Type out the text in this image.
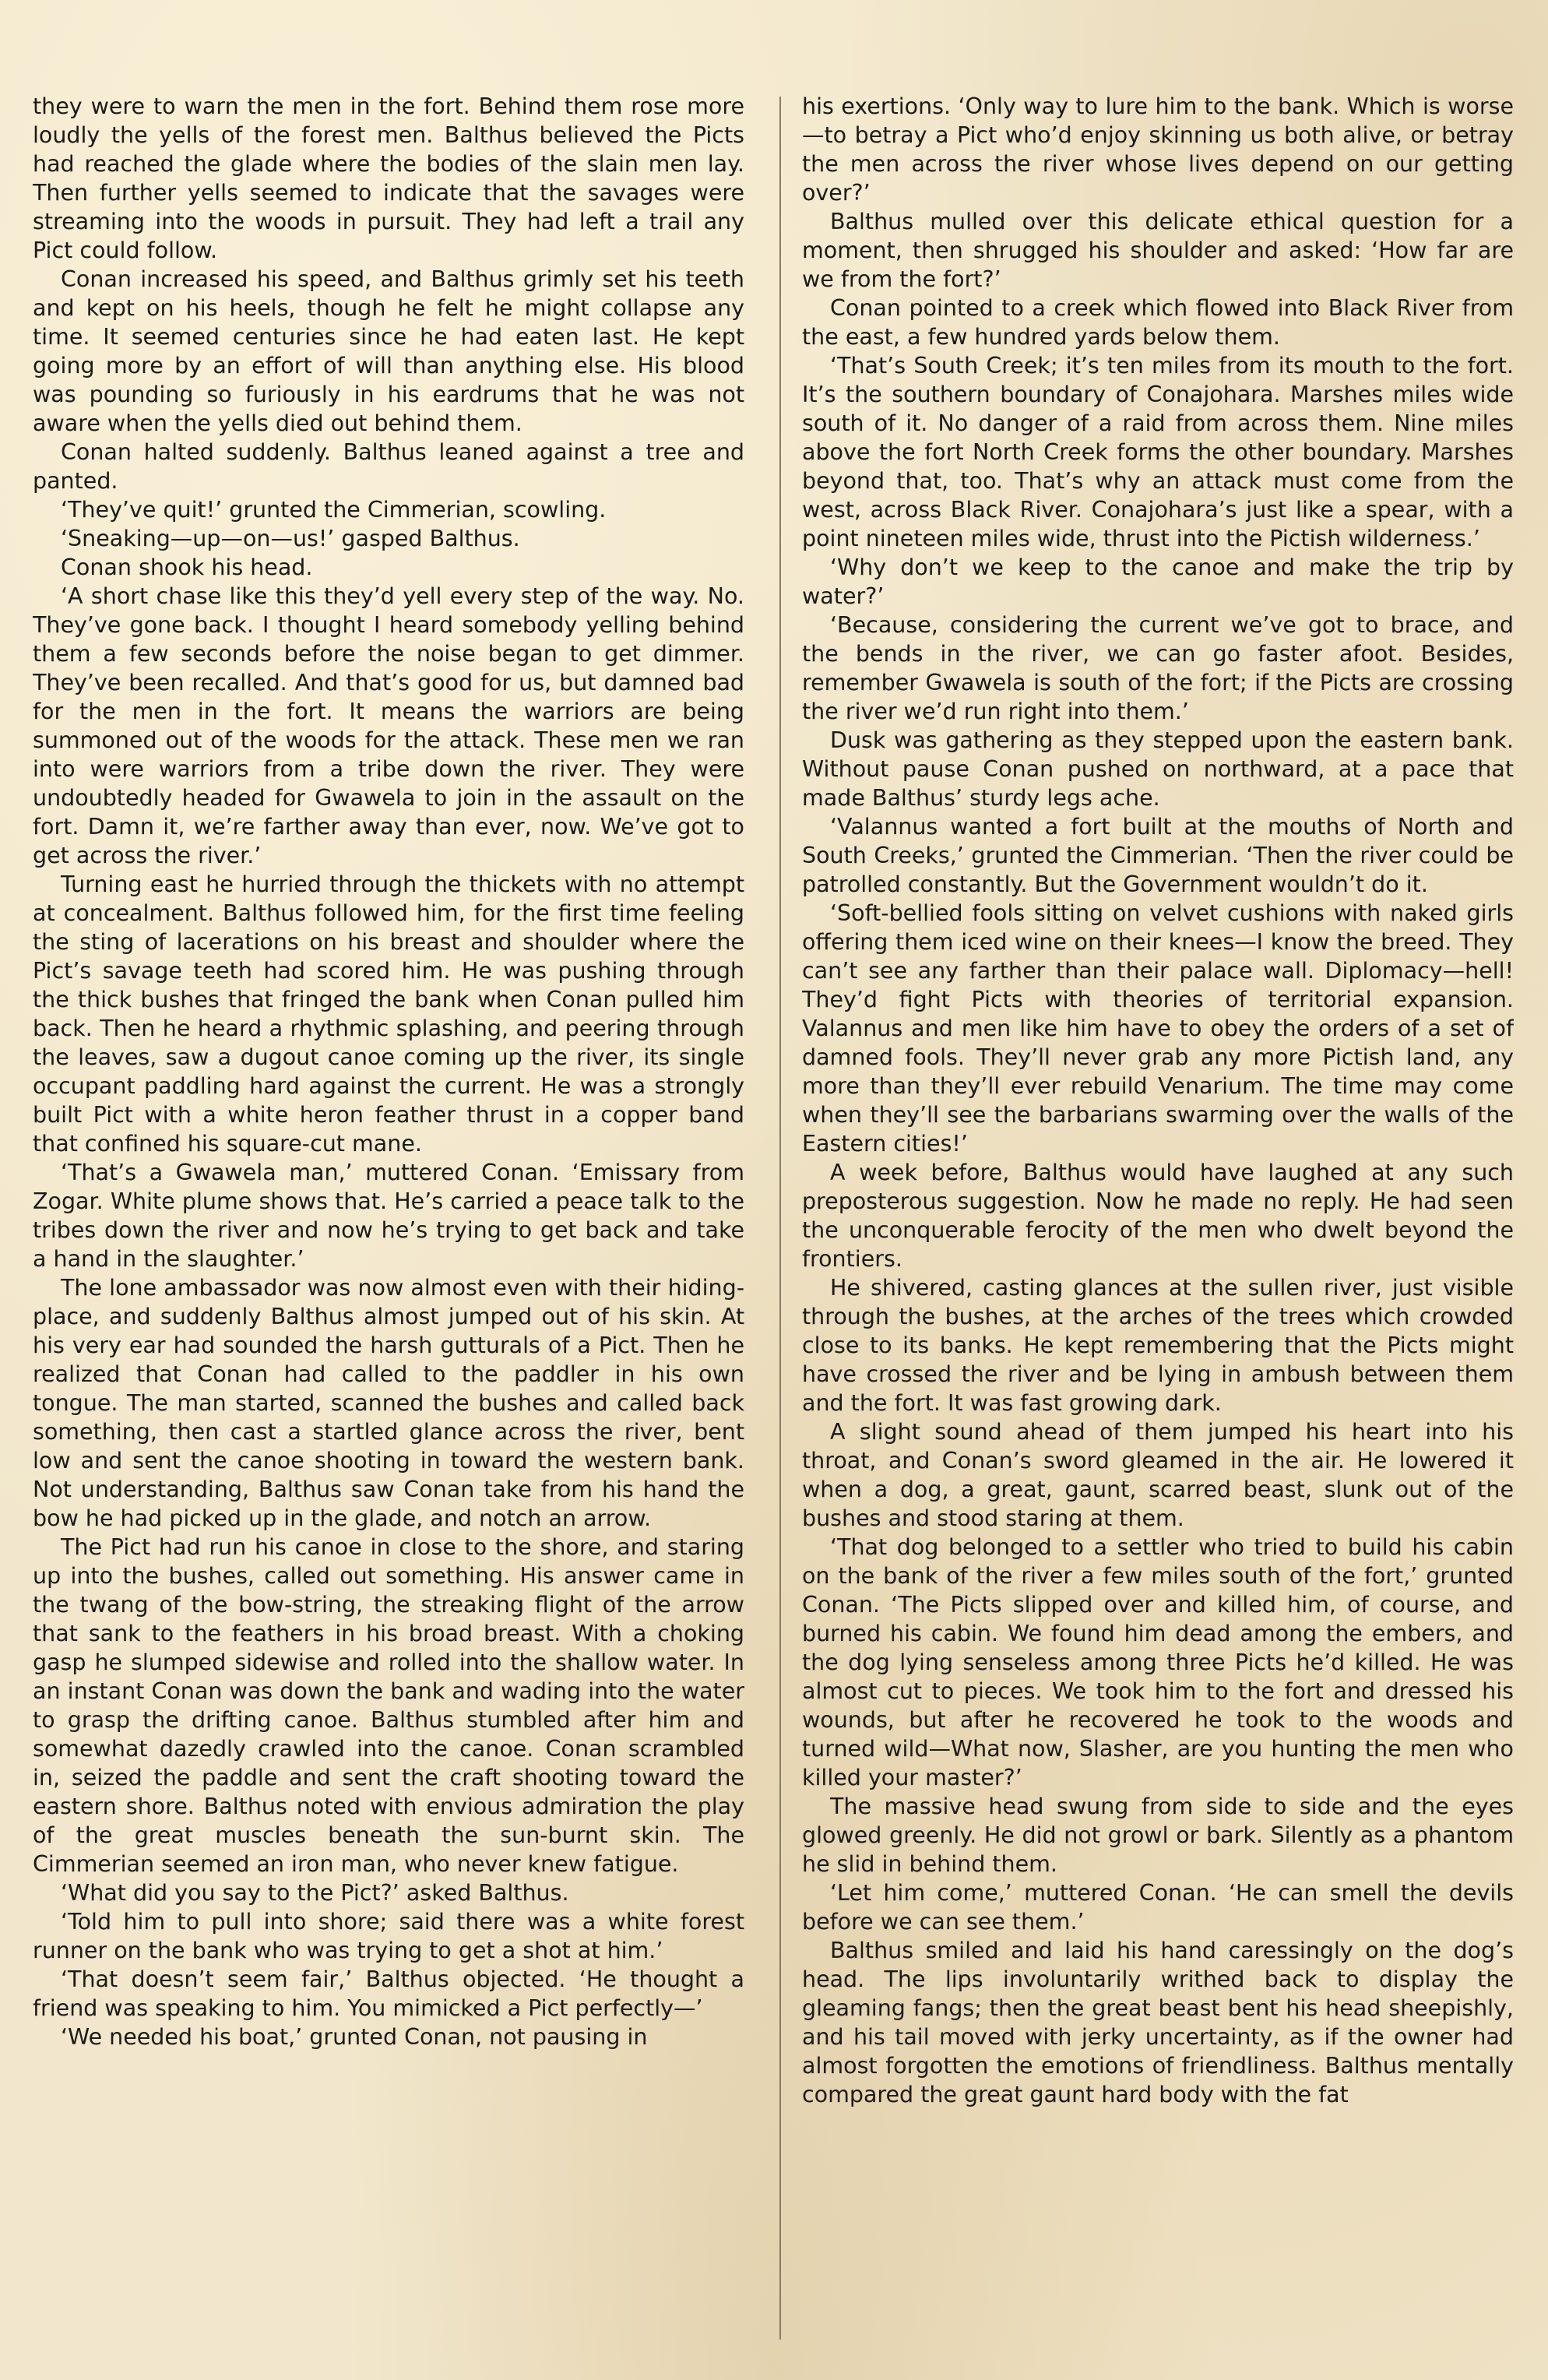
they were to warn the men in the fort. Behind them rose more loudly the yells of the forest men. Balthus believed the Picts had reached the glade where the bodies of the slain men lay. Then further yells seemed to indicate that the savages were streaming into the woods in pursuit. They had left a trail any Pict could follow.

Conan increased his speed, and Balthus grimly set his teeth and kept on his heels, though he felt he might collapse any time. It seemed centuries since he had eaten last. He kept going more by an effort of will than anything else. His blood was pounding so furiously in his eardrums that he was not aware when the yells died out behind them.

Conan halted suddenly. Balthus leaned against a tree and panted.

‘They’ve quit!’ grunted the Cimmerian, scowling.

‘Sneaking—up—on—us!’ gasped Balthus.

Conan shook his head.

‘A short chase like this they’d yell every step of the way. No. They’ve gone back. I thought I heard somebody yelling behind them a few seconds before the noise began to get dimmer. They’ve been recalled. And that’s good for us, but damned bad for the men in the fort. It means the warriors are being summoned out of the woods for the attack. These men we ran into were warriors from a tribe down the river. They were undoubtedly headed for Gwawela to join in the assault on the fort. Damn it, we’re farther away than ever, now. We’ve got to get across the river.’

Turning east he hurried through the thickets with no attempt at concealment. Balthus followed him, for the first time feeling the sting of lacerations on his breast and shoulder where the Pict’s savage teeth had scored him. He was pushing through the thick bushes that fringed the bank when Conan pulled him back. Then he heard a rhythmic splashing, and peering through the leaves, saw a dugout canoe coming up the river, its single occupant paddling hard against the current. He was a strongly built Pict with a white heron feather thrust in a copper band that confined his square-cut mane.

‘That’s a Gwawela man,’ muttered Conan. ‘Emissary from Zogar. White plume shows that. He’s carried a peace talk to the tribes down the river and now he’s trying to get back and take a hand in the slaughter.’

The lone ambassador was now almost even with their hiding-place, and suddenly Balthus almost jumped out of his skin. At his very ear had sounded the harsh gutturals of a Pict. Then he realized that Conan had called to the paddler in his own tongue. The man started, scanned the bushes and called back something, then cast a startled glance across the river, bent low and sent the canoe shooting in toward the western bank. Not understanding, Balthus saw Conan take from his hand the bow he had picked up in the glade, and notch an arrow.

The Pict had run his canoe in close to the shore, and staring up into the bushes, called out something. His answer came in the twang of the bow-string, the streaking flight of the arrow that sank to the feathers in his broad breast. With a choking gasp he slumped sidewise and rolled into the shallow water. In an instant Conan was down the bank and wading into the water to grasp the drifting canoe. Balthus stumbled after him and somewhat dazedly crawled into the canoe. Conan scrambled in, seized the paddle and sent the craft shooting toward the eastern shore. Balthus noted with envious admiration the play of the great muscles beneath the sun-burnt skin. The Cimmerian seemed an iron man, who never knew fatigue.

‘What did you say to the Pict?’ asked Balthus.

‘Told him to pull into shore; said there was a white forest runner on the bank who was trying to get a shot at him.’

‘That doesn’t seem fair,’ Balthus objected. ‘He thought a friend was speaking to him. You mimicked a Pict perfectly—’

‘We needed his boat,’ grunted Conan, not pausing in

his exertions. ‘Only way to lure him to the bank. Which is worse—to betray a Pict who’d enjoy skinning us both alive, or betray the men across the river whose lives depend on our getting over?’

Balthus mulled over this delicate ethical question for a moment, then shrugged his shoulder and asked: ‘How far are we from the fort?’

Conan pointed to a creek which flowed into Black River from the east, a few hundred yards below them.

‘That’s South Creek; it’s ten miles from its mouth to the fort. It’s the southern boundary of Conajohara. Marshes miles wide south of it. No danger of a raid from across them. Nine miles above the fort North Creek forms the other boundary. Marshes beyond that, too. That’s why an attack must come from the west, across Black River. Conajohara’s just like a spear, with a point nineteen miles wide, thrust into the Pictish wilderness.’

‘Why don’t we keep to the canoe and make the trip by water?’

‘Because, considering the current we’ve got to brace, and the bends in the river, we can go faster afoot. Besides, remember Gwawela is south of the fort; if the Picts are crossing the river we’d run right into them.’

Dusk was gathering as they stepped upon the eastern bank. Without pause Conan pushed on northward, at a pace that made Balthus’ sturdy legs ache.

‘Valannus wanted a fort built at the mouths of North and South Creeks,’ grunted the Cimmerian. ‘Then the river could be patrolled constantly. But the Government wouldn’t do it.

‘Soft-bellied fools sitting on velvet cushions with naked girls offering them iced wine on their knees—I know the breed. They can’t see any farther than their palace wall. Diplomacy—hell! They’d fight Picts with theories of territorial expansion. Valannus and men like him have to obey the orders of a set of damned fools. They’ll never grab any more Pictish land, any more than they’ll ever rebuild Venarium. The time may come when they’ll see the barbarians swarming over the walls of the Eastern cities!’

A week before, Balthus would have laughed at any such preposterous suggestion. Now he made no reply. He had seen the unconquerable ferocity of the men who dwelt beyond the frontiers.

He shivered, casting glances at the sullen river, just visible through the bushes, at the arches of the trees which crowded close to its banks. He kept remembering that the Picts might have crossed the river and be lying in ambush between them and the fort. It was fast growing dark.

A slight sound ahead of them jumped his heart into his throat, and Conan’s sword gleamed in the air. He lowered it when a dog, a great, gaunt, scarred beast, slunk out of the bushes and stood staring at them.

‘That dog belonged to a settler who tried to build his cabin on the bank of the river a few miles south of the fort,’ grunted Conan. ‘The Picts slipped over and killed him, of course, and burned his cabin. We found him dead among the embers, and the dog lying senseless among three Picts he’d killed. He was almost cut to pieces. We took him to the fort and dressed his wounds, but after he recovered he took to the woods and turned wild—What now, Slasher, are you hunting the men who killed your master?’

The massive head swung from side to side and the eyes glowed greenly. He did not growl or bark. Silently as a phantom he slid in behind them.

‘Let him come,’ muttered Conan. ‘He can smell the devils before we can see them.’

Balthus smiled and laid his hand caressingly on the dog’s head. The lips involuntarily writhed back to display the gleaming fangs; then the great beast bent his head sheepishly, and his tail moved with jerky uncertainty, as if the owner had almost forgotten the emotions of friendliness. Balthus mentally compared the great gaunt hard body with the fat
